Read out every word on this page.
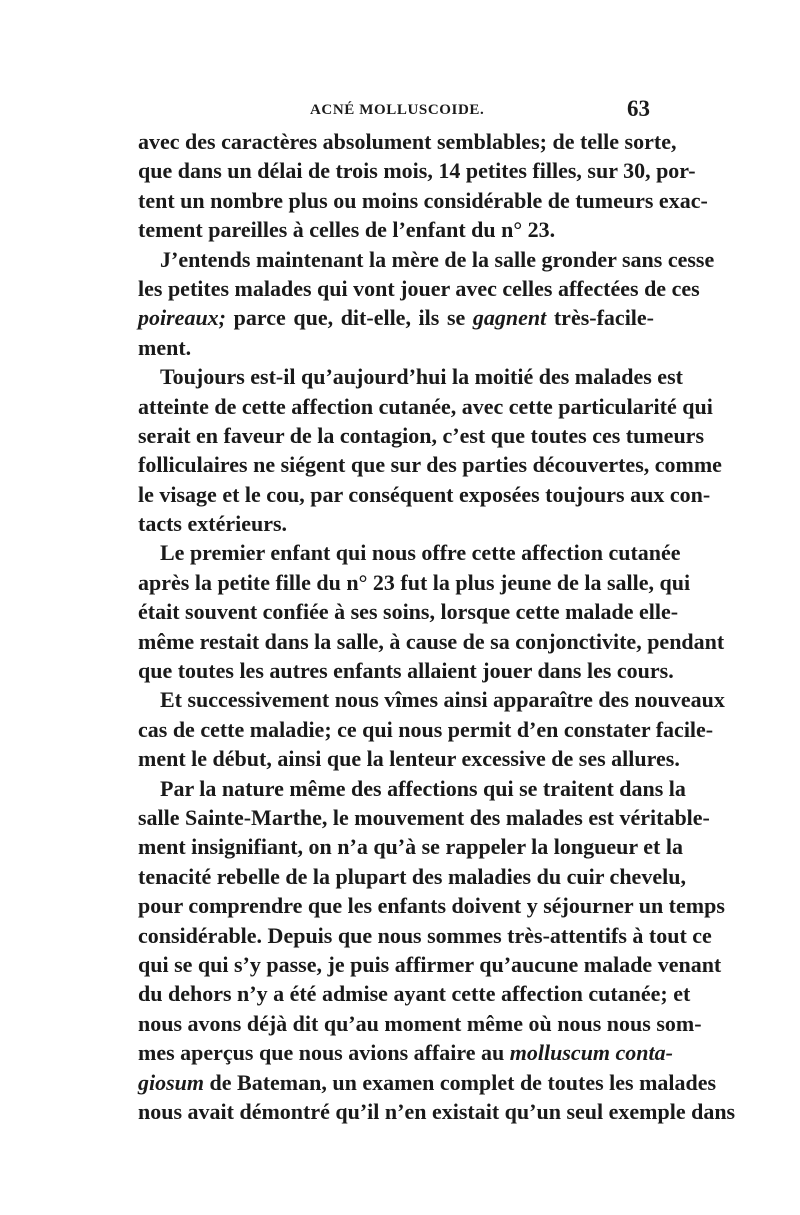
ACNÉ MOLLUSCOIDE.	63
avec des caractères absolument semblables; de telle sorte,
que dans un délai de trois mois, 14 petites filles, sur 30, por-
tent un nombre plus ou moins considérable de tumeurs exac-
tement pareilles à celles de l’enfant du n° 23.
J’entends maintenant la mère de la salle gronder sans cesse
les petites malades qui vont jouer avec celles affectées de ces
poireaux; parce que, dit-elle, ils se gagnent très-facile-
ment.
Toujours est-il qu’aujourd’hui la moitié des malades est
atteinte de cette affection cutanée, avec cette particularité qui
serait en faveur de la contagion, c’est que toutes ces tumeurs
folliculaires ne siégent que sur des parties découvertes, comme
le visage et le cou, par conséquent exposées toujours aux con-
tacts extérieurs.
Le premier enfant qui nous offre cette affection cutanée
après la petite fille du n° 23 fut la plus jeune de la salle, qui
était souvent confiée à ses soins, lorsque cette malade elle-
même restait dans la salle, à cause de sa conjonctivite, pendant
que toutes les autres enfants allaient jouer dans les cours.
Et successivement nous vîmes ainsi apparaître des nouveaux
cas de cette maladie; ce qui nous permit d’en constater facile-
ment le début, ainsi que la lenteur excessive de ses allures.
Par la nature même des affections qui se traitent dans la
salle Sainte-Marthe, le mouvement des malades est véritable-
ment insignifiant, on n’a qu’à se rappeler la longueur et la
tenacité rebelle de la plupart des maladies du cuir chevelu,
pour comprendre que les enfants doivent y séjourner un temps
considérable. Depuis que nous sommes très-attentifs à tout ce
qui se qui s’y passe, je puis affirmer qu’aucune malade venant
du dehors n’y a été admise ayant cette affection cutanée; et
nous avons déjà dit qu’au moment même où nous nous som-
mes aperçus que nous avions affaire au molluscum conta-
giosum de Bateman, un examen complet de toutes les malades
nous avait démontré qu’il n’en existait qu’un seul exemple dans
